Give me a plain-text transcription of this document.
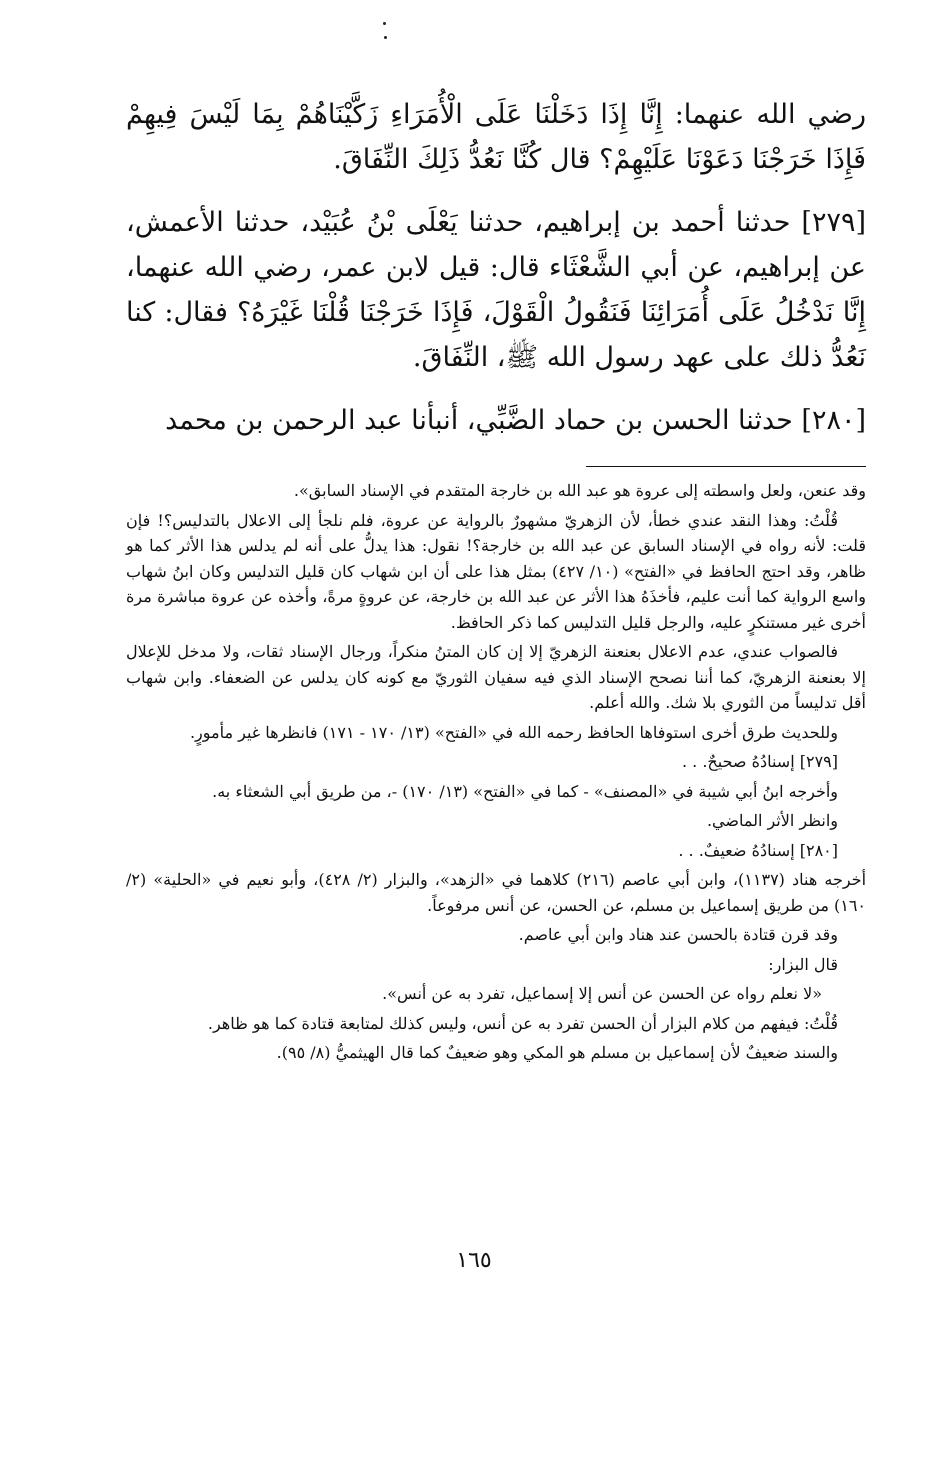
رضي الله عنهما: إِنَّا إِذَا دَخَلْنَا عَلَى الْأُمَرَاءِ زَكَّيْنَاهُمْ بِمَا لَيْسَ فِيهِمْ فَإِذَا خَرَجْنَا دَعَوْنَا عَلَيْهِمْ؟ قال كُنَّا نَعُدُّ ذَلِكَ النِّفَاقَ.

[٢٧٩] حدثنا أحمد بن إبراهيم، حدثنا يَعْلَى بْنُ عُبَيْد، حدثنا الأعمش، عن إبراهيم، عن أبي الشَّعْثَاء قال: قيل لابن عمر، رضي الله عنهما، إِنَّا نَدْخُلُ عَلَى أُمَرَائِنَا فَنَقُولُ الْقَوْلَ، فَإِذَا خَرَجْنَا قُلْنَا غَيْرَهُ؟ فقال: كنا نَعُدُّ ذلك على عهد رسول الله ﷺ، النِّفَاقَ.

[٢٨٠] حدثنا الحسن بن حماد الضَّبِّي، أنبأنا عبد الرحمن بن محمد

وقد عنعن، ولعل واسطته إلى عروة هو عبد الله بن خارجة المتقدم في الإسناد السابق».

قُلْتُ: وهذا النقد عندي خطأ، لأن الزهريّ مشهورٌ بالرواية عن عروة، فلم نلجأ إلى الاعلال بالتدليس؟! فإن قلت: لأنه رواه في الإسناد السابق عن عبد الله بن خارجة؟! نقول: هذا يدلُّ على أنه لم يدلس هذا الأثر كما هو ظاهر، وقد احتج الحافظ في «الفتح» (١٠/ ٤٢٧) بمثل هذا على أن ابن شهاب كان قليل التدليس وكان ابنُ شهاب واسع الرواية كما أنت عليم، فأخذَهُ هذا الأثر عن عبد الله بن خارجة، عن عروةٍ مرةً، وأخذه عن عروة مباشرة مرة أخرى غير مستنكرٍ عليه، والرجل قليل التدليس كما ذكر الحافظ.

فالصواب عندي، عدم الاعلال بعنعنة الزهريّ إلا إن كان المتنُ منكراً، ورجال الإسناد ثقات، ولا مدخل للإعلال إلا بعنعنة الزهريّ، كما أننا نصحح الإسناد الذي فيه سفيان الثوريّ مع كونه كان يدلس عن الضعفاء. وابن شهاب أقل تدليساً من الثوري بلا شك. والله أعلم.

وللحديث طرق أخرى استوفاها الحافظ رحمه الله في «الفتح» (١٣/ ١٧٠ - ١٧١) فانظرها غير مأمورٍ.

[٢٧٩] إسنادُهُ صحيحٌ. . .

وأخرجه ابنُ أبي شيبة في «المصنف» - كما في «الفتح» (١٣/ ١٧٠) -، من طريق أبي الشعثاء به.

وانظر الأثر الماضي.

[٢٨٠] إسنادُهُ ضعيفٌ. . .

أخرجه هناد (١١٣٧)، وابن أبي عاصم (٢١٦) كلاهما في «الزهد»، والبزار (٢/ ٤٢٨)، وأبو نعيم في «الحلية» (٢/ ١٦٠) من طريق إسماعيل بن مسلم، عن الحسن، عن أنس مرفوعاً.

وقد قرن قتادة بالحسن عند هناد وابن أبي عاصم.

قال البزار:

«لا نعلم رواه عن الحسن عن أنس إلا إسماعيل، تفرد به عن أنس».

قُلْتُ: فيفهم من كلام البزار أن الحسن تفرد به عن أنس، وليس كذلك لمتابعة قتادة كما هو ظاهر.

والسند ضعيفٌ لأن إسماعيل بن مسلم هو المكي وهو ضعيفٌ كما قال الهيثميُّ (٨/ ٩٥).

١٦٥
